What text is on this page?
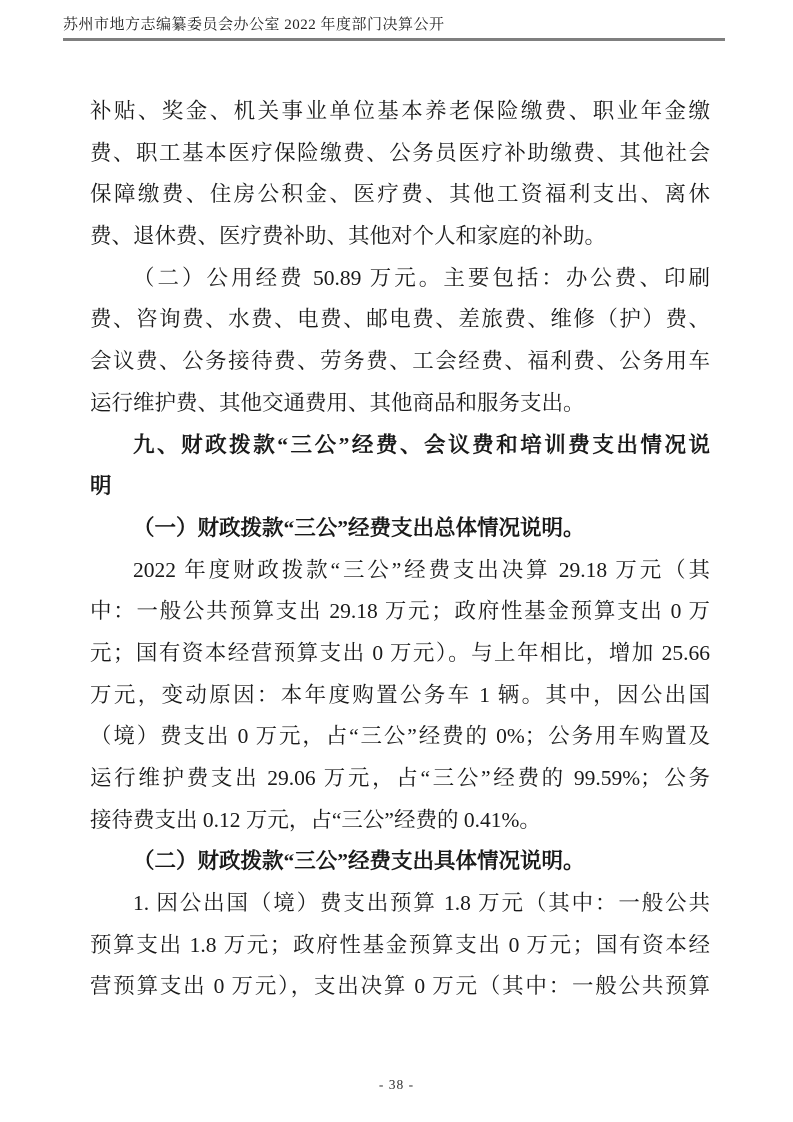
苏州市地方志编纂委员会办公室 2022 年度部门决算公开
补贴、奖金、机关事业单位基本养老保险缴费、职业年金缴
费、职工基本医疗保险缴费、公务员医疗补助缴费、其他社会
保障缴费、住房公积金、医疗费、其他工资福利支出、离休
费、退休费、医疗费补助、其他对个人和家庭的补助。
（二）公用经费 50.89 万元。主要包括：办公费、印刷
费、咨询费、水费、电费、邮电费、差旅费、维修（护）费、
会议费、公务接待费、劳务费、工会经费、福利费、公务用车
运行维护费、其他交通费用、其他商品和服务支出。
九、财政拨款“三公”经费、会议费和培训费支出情况说
明
（一）财政拨款“三公”经费支出总体情况说明。
2022 年度财政拨款“三公”经费支出决算 29.18 万元（其
中：一般公共预算支出 29.18 万元；政府性基金预算支出 0 万
元；国有资本经营预算支出 0 万元）。与上年相比，增加 25.66
万元，变动原因：本年度购置公务车 1 辆。其中，因公出国
（境）费支出 0 万元，占“三公”经费的 0%；公务用车购置及
运行维护费支出 29.06 万元，占“三公”经费的 99.59%；公务
接待费支出 0.12 万元，占“三公”经费的 0.41%。
（二）财政拨款“三公”经费支出具体情况说明。
1. 因公出国（境）费支出预算 1.8 万元（其中：一般公共
预算支出 1.8 万元；政府性基金预算支出 0 万元；国有资本经
营预算支出 0 万元），支出决算 0 万元（其中：一般公共预算
- 38 -
